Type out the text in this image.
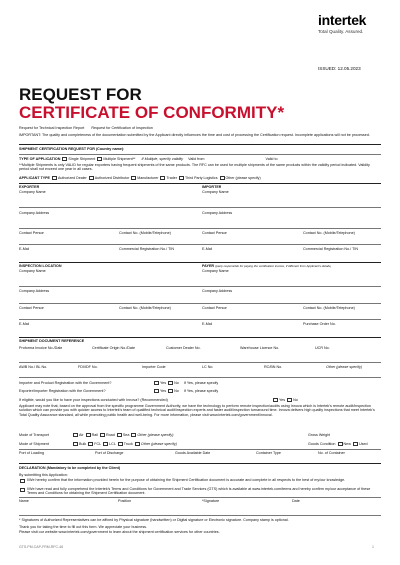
intertek
Total Quality. Assured.
ISSUED: 12.05.2023
REQUEST FOR
CERTIFICATE OF CONFORMITY*
Request for Technical Inspection Report Request for Certification of Inspection
IMPORTANT: The quality and completeness of the documentation submitted by the Applicant directly influences the time and cost of processing the Certification request. Incomplete applications will not be processed.
SHIPMENT CERTIFICATION REQUEST FOR (Country name):
TYPE OF APPLICATION Single Shipment Multiple Shipment** If Multiple, specify validity Valid from	Valid to
**Multiple Shipments is only VALID for regular exporters having frequent shipments of the same products. The RFC can be used for multiple shipments of the same products within the validity period indicated. Validity period shall not exceed one year in all cases.
APPLICANT TYPE Authorized Dealer Authorized Distributor Manufacturer Trader Third Party Logistics Other (please specify)
EXPORTER	IMPORTER
Company Name	Company Name
Company Address	Company Address
Contact Person	Contact No. (Mobile/Telephone)	Contact Person	Contact No. (Mobile/Telephone)
E-Mail	Commercial Registration No./ TIN	E-Mail	Commercial Registration No./ TIN
INSPECTION LOCATION	PAYER (party responsible for paying the certification invoice, if different from Applicant's details)
Company Name	Company Name
Company Address	Company Address
Contact Person	Contact No. (Mobile/Telephone)	Contact Person	Contact No. (Mobile/Telephone)
E-Mail	E-Mail	Purchase Order No.
SHIPMENT DOCUMENT REFERENCE
Proforma Invoice No./Date	Certificate Origin No./Date	Customer Dealer No.	Warehouse Licence No.	UCR No.
AWB No./ BL No.	FDI/IDF No.	Importer Code	LC No.	RC/BN No.	Other (please specify)
Importer and Product Registration with the Government?	Yes No If Yes, please specify
Exporter/Importer Registration with the Government?	Yes No If Yes, please specify
If eligible, would you like to have your inspections conducted with Innova? (Recommended)	Yes No
Applicant may note that, based on the approval from the specific programme Government Authority, we have the technology to perform remote inspection/audits using Innova which is Intertek's remote audit/inspection solution which can provide you with quicker access to Intertek's team of qualified technical audit/inspection experts and faster audit/inspection turnaround time. Innova delivers high quality inspections that meet Intertek's Total Quality Assurance standard, all while promoting public health and well-being. For more information, please visit www.intertek.com/government/innova/.
Mode of Transport	Air Rail Road Sea Other (please specify)	Gross Weight
Mode of Shipment	Bulk FCL LCL Truck Other (please specify)	Goods Condition New Used
Port of Loading	Port of Discharge	Goods Available Date	Container Type	No. of Container
DECLARATION (Mandatory to be completed by the Client)
By submitting this Application:
I/We hereby confirm that the information provided herein for the purpose of obtaining the Shipment Certification document is accurate and complete in all respects to the best of my/our knowledge.
I/We have read and fully comprehend the Intertek's Terms and Conditions for Government and Trade Services (GTS) which is available at www.intertek.com/terms and hereby confirm my/our acceptance of these Terms and Conditions for obtaining the Shipment Certification document.
Name	Position	*Signature	Date
* Signatures of Authorized Representatives can be affixed by Physical signature (handwritten) or Digital signature or Electronic signature. Company stamp is optional.
Thank you for taking the time to fill out this form. We appreciate your business.
Please visit our website www.intertek.com/government to learn about the shipment certification services for other countries.
GTS-PM-CAP-FRM-RFC-46	1
